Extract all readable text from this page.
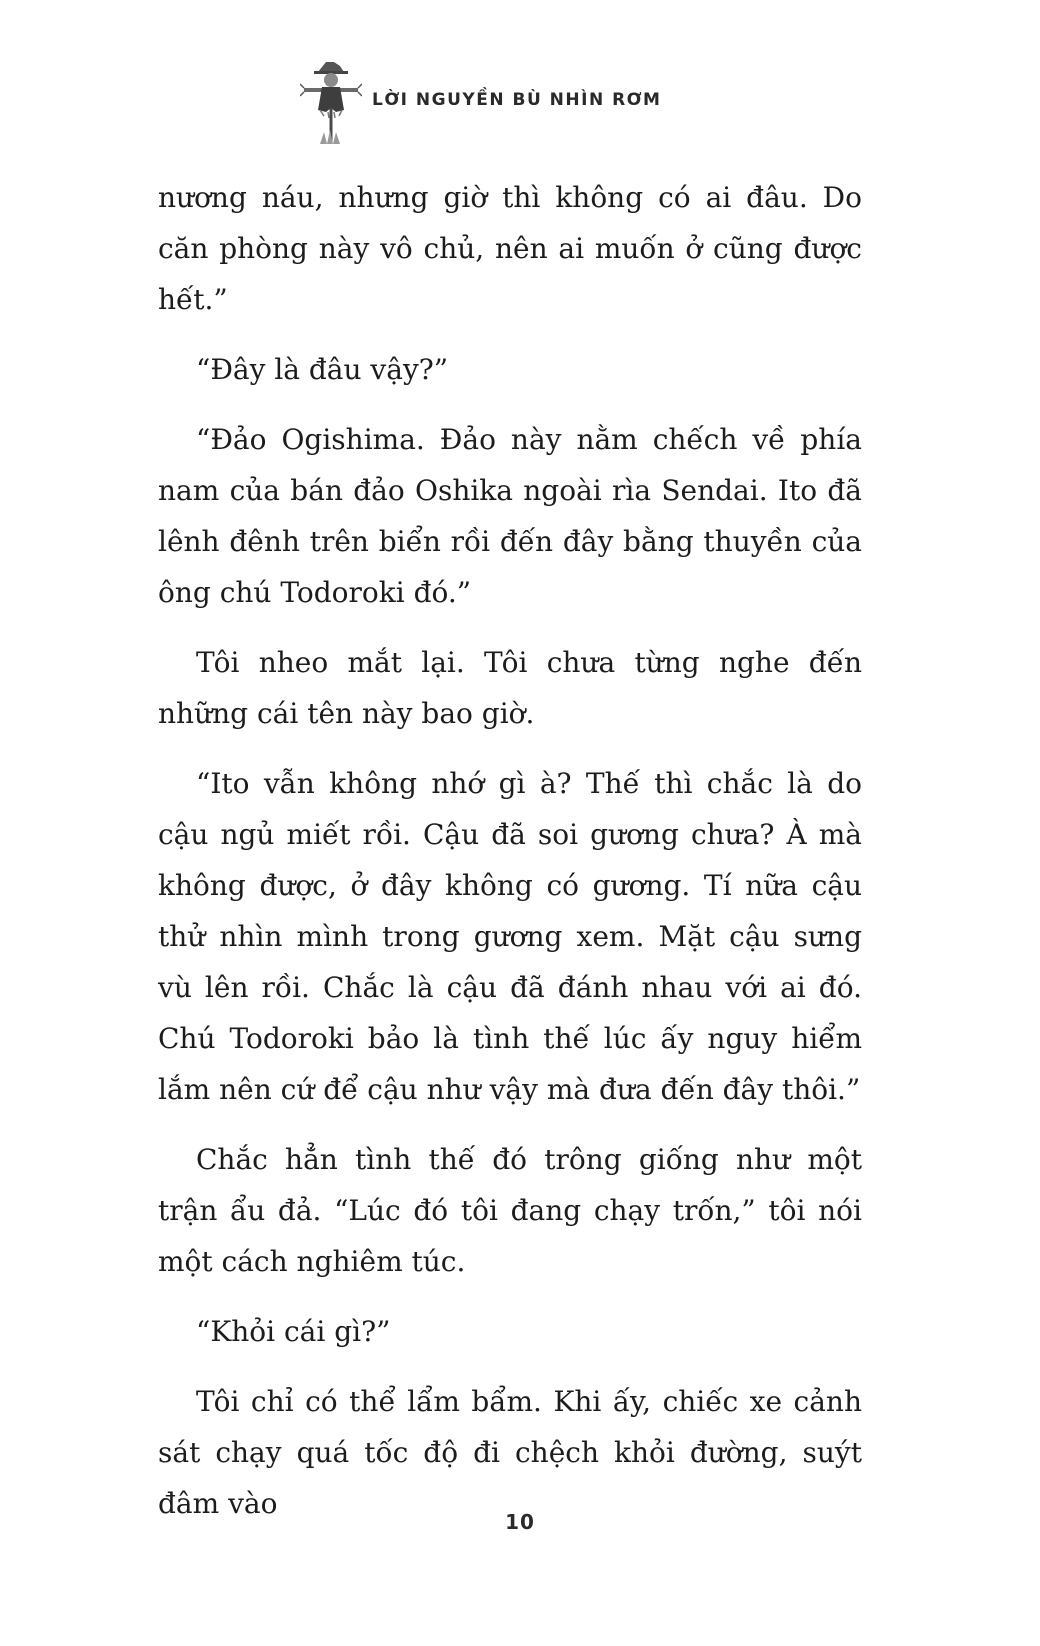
LỜI NGUYỀN BÙ NHÌN RƠM

nương náu, nhưng giờ thì không có ai đâu. Do căn phòng này vô chủ, nên ai muốn ở cũng được hết.”

“Đây là đâu vậy?”

“Đảo Ogishima. Đảo này nằm chếch về phía nam của bán đảo Oshika ngoài rìa Sendai. Ito đã lênh đênh trên biển rồi đến đây bằng thuyền của ông chú Todoroki đó.”

Tôi nheo mắt lại. Tôi chưa từng nghe đến những cái tên này bao giờ.

“Ito vẫn không nhớ gì à? Thế thì chắc là do cậu ngủ miết rồi. Cậu đã soi gương chưa? À mà không được, ở đây không có gương. Tí nữa cậu thử nhìn mình trong gương xem. Mặt cậu sưng vù lên rồi. Chắc là cậu đã đánh nhau với ai đó. Chú Todoroki bảo là tình thế lúc ấy nguy hiểm lắm nên cứ để cậu như vậy mà đưa đến đây thôi.”

Chắc hẳn tình thế đó trông giống như một trận ẩu đả. “Lúc đó tôi đang chạy trốn,” tôi nói một cách nghiêm túc.

“Khỏi cái gì?”

Tôi chỉ có thể lẩm bẩm. Khi ấy, chiếc xe cảnh sát chạy quá tốc độ đi chệch khỏi đường, suýt đâm vào

10
